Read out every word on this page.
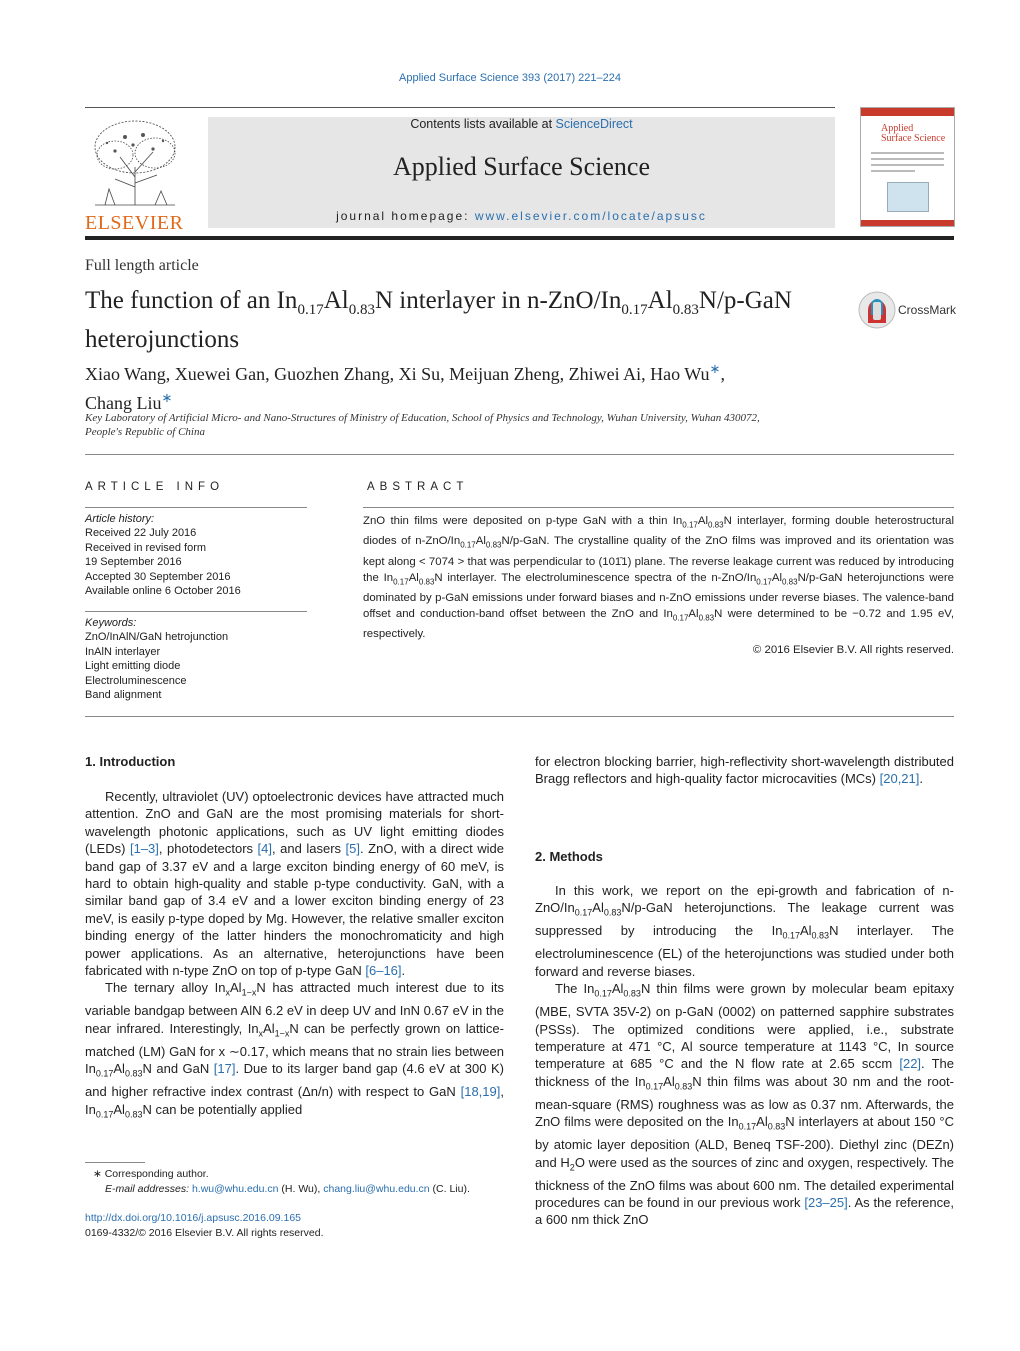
Applied Surface Science 393 (2017) 221–224
ELSEVIER
Contents lists available at ScienceDirect
Applied Surface Science
journal homepage: www.elsevier.com/locate/apsusc
Applied
Surface Science
Full length article
The function of an $In_{0.17}Al_{0.83}N$ interlayer in $n-ZnO/In_{0.17}Al_{0.83}N/p$-GaN
heterojunctions
CrossMark
Xiao Wang, Xuewei Gan, Guozhen Zhang, Xi Su, Meijuan Zheng, Zhiwei Ai, Hao Wu∗,
Chang Liu∗
Key Laboratory of Artificial Micro- and Nano-Structures of Ministry of Education, School of Physics and Technology, Wuhan University, Wuhan 430072,
People's Republic of China
ARTICLE INFO
Article history:
Received 22 July 2016
Received in revised form
19 September 2016
Accepted 30 September 2016
Available online 6 October 2016
Keywords:
ZnO/InAlN/GaN hetrojunction
InAlN interlayer
Light emitting diode
Electroluminescence
Band alignment
ABSTRACT
ZnO thin films were deposited on p-type GaN with a thin $In_{0.17}Al_{0.83}N$ interlayer, forming double heterostructural diodes of $n-ZnO/In_{0.17}Al_{0.83}N/p$-GaN. The crystalline quality of the ZnO films was improved and its orientation was kept along < 7074 > that was perpendicular to (101̄1) plane. The reverse leakage current was reduced by introducing the $In_{0.17}Al_{0.83}N$ interlayer. The electroluminescence spectra of the $n-ZnO/In_{0.17}Al_{0.83}N/p$-GaN heterojunctions were dominated by p-GaN emissions under forward biases and n-ZnO emissions under reverse biases. The valence-band offset and conduction-band offset between the ZnO and $In_{0.17}Al_{0.83}N$ were determined to be −0.72 and 1.95 eV, respectively.
© 2016 Elsevier B.V. All rights reserved.
1. Introduction

Recently, ultraviolet (UV) optoelectronic devices have attracted much attention. ZnO and GaN are the most promising materials for short-wavelength photonic applications, such as UV light emitting diodes (LEDs) [1–3], photodetectors [4], and lasers [5]. ZnO, with a direct wide band gap of 3.37 eV and a large exciton binding energy of 60 meV, is hard to obtain high-quality and stable p-type conductivity. GaN, with a similar band gap of 3.4 eV and a lower exciton binding energy of 23 meV, is easily p-type doped by Mg. However, the relative smaller exciton binding energy of the latter hinders the monochromaticity and high power applications. As an alternative, heterojunctions have been fabricated with n-type ZnO on top of p-type GaN [6–16].

The ternary alloy $In_xAl_{1-x}N$ has attracted much interest due to its variable bandgap between AlN 6.2 eV in deep UV and InN 0.67 eV in the near infrared. Interestingly, $In_xAl_{1-x}N$ can be perfectly grown on lattice-matched (LM) GaN for x ∼0.17, which means that no strain lies between $In_{0.17}Al_{0.83}N$ and GaN [17]. Due to its larger band gap (4.6 eV at 300 K) and higher refractive index contrast (Δn/n) with respect to GaN [18,19], $In_{0.17}Al_{0.83}N$ can be potentially applied

∗ Corresponding author.
E-mail addresses: h.wu@whu.edu.cn (H. Wu), chang.liu@whu.edu.cn (C. Liu).
http://dx.doi.org/10.1016/j.apsusc.2016.09.165
0169-4332/© 2016 Elsevier B.V. All rights reserved.

for electron blocking barrier, high-reflectivity short-wavelength distributed Bragg reflectors and high-quality factor microcavities (MCs) [20,21].

2. Methods

In this work, we report on the epi-growth and fabrication of $n-ZnO/In_{0.17}Al_{0.83}N/p$-GaN heterojunctions. The leakage current was suppressed by introducing the $In_{0.17}Al_{0.83}N$ interlayer. The electroluminescence (EL) of the heterojunctions was studied under both forward and reverse biases.

The $In_{0.17}Al_{0.83}N$ thin films were grown by molecular beam epitaxy (MBE, SVTA 35V-2) on p-GaN (0002) on patterned sapphire substrates (PSSs). The optimized conditions were applied, i.e., substrate temperature at 471 °C, Al source temperature at 1143 °C, In source temperature at 685 °C and the N flow rate at 2.65 sccm [22]. The thickness of the $In_{0.17}Al_{0.83}N$ thin films was about 30 nm and the root-mean-square (RMS) roughness was as low as 0.37 nm. Afterwards, the ZnO films were deposited on the $In_{0.17}Al_{0.83}N$ interlayers at about 150 °C by atomic layer deposition (ALD, Beneq TSF-200). Diethyl zinc (DEZn) and $H_2O$ were used as the sources of zinc and oxygen, respectively. The thickness of the ZnO films was about 600 nm. The detailed experimental procedures can be found in our previous work [23–25]. As the reference, a 600 nm thick ZnO
